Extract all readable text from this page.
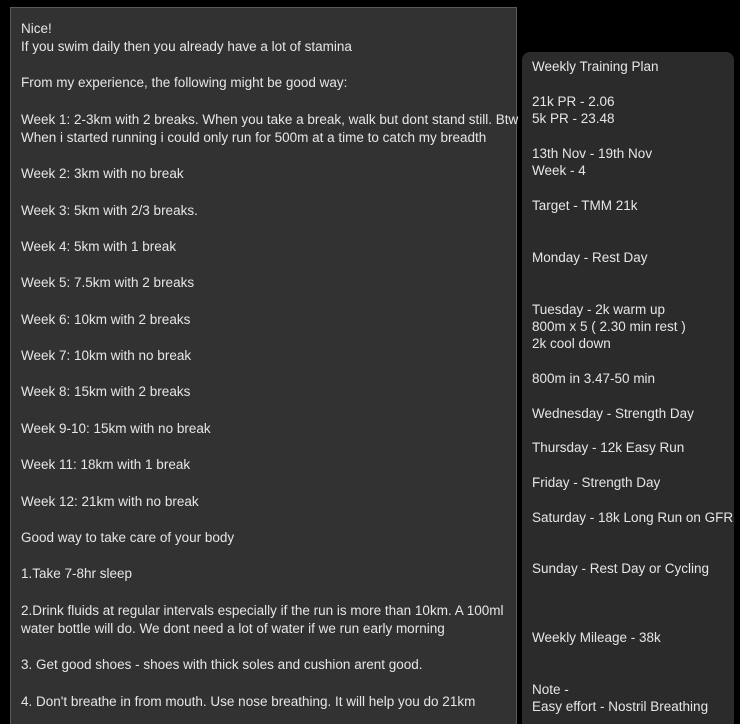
Nice!
If you swim daily then you already have a lot of stamina
From my experience, the following might be good way:
Week 1: 2-3km with 2 breaks. When you take a break, walk but dont stand still. Btw
When i started running i could only run for 500m at a time to catch my breadth
Week 2: 3km with no break
Week 3: 5km with 2/3 breaks.
Week 4: 5km with 1 break
Week 5: 7.5km with 2 breaks
Week 6: 10km with 2 breaks
Week 7: 10km with no break
Week 8: 15km with 2 breaks
Week 9-10: 15km with no break
Week 11: 18km with 1 break
Week 12: 21km with no break
Good way to take care of your body
1.Take 7-8hr sleep
2.Drink fluids at regular intervals especially if the run is more than 10km. A 100ml
water bottle will do. We dont need a lot of water if we run early morning
3. Get good shoes - shoes with thick soles and cushion arent good.
4. Don't breathe in from mouth. Use nose breathing. It will help you do 21km
Weekly Training Plan
21k PR - 2.06
5k PR - 23.48
13th Nov - 19th Nov
Week - 4
Target - TMM 21k
Monday - Rest Day
Tuesday - 2k warm up
800m x 5 ( 2.30 min rest )
2k cool down
800m in 3.47-50 min
Wednesday - Strength Day
Thursday - 12k Easy Run
Friday - Strength Day
Saturday - 18k Long Run on GFR
Sunday - Rest Day or Cycling
Weekly Mileage - 38k
Note -
Easy effort - Nostril Breathing
